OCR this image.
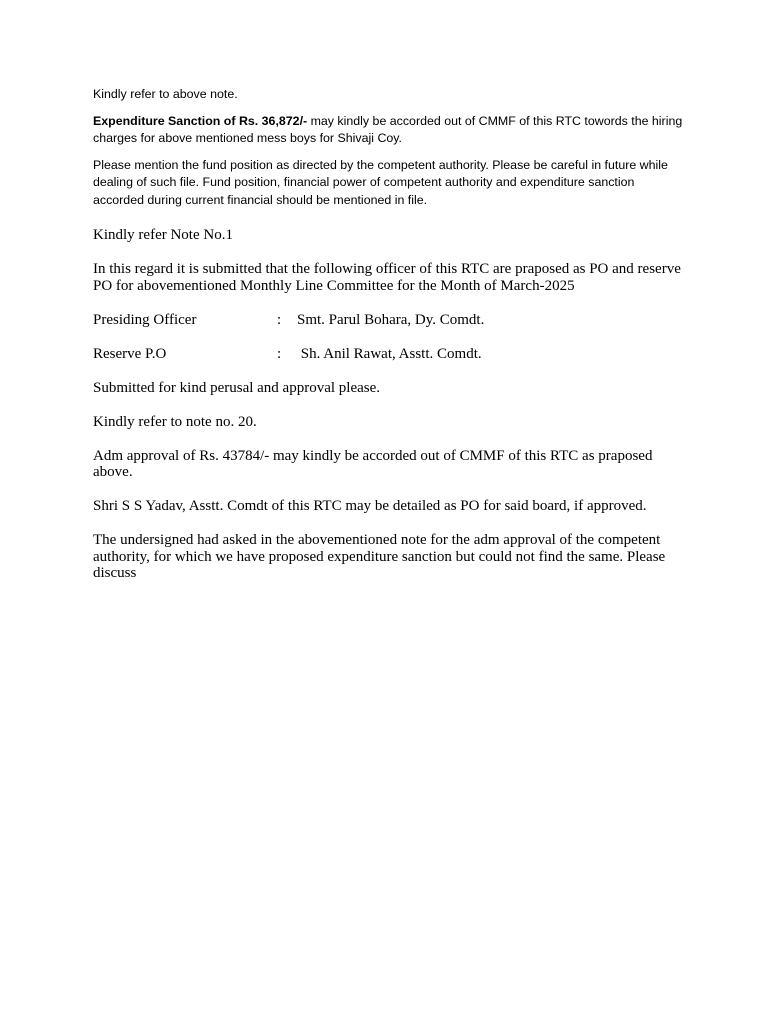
Kindly refer to above note.

Expenditure Sanction of Rs. 36,872/- may kindly be accorded out of CMMF of this RTC towords the hiring charges for above mentioned mess boys for Shivaji Coy.

Please mention the fund position as directed by the competent authority. Please be careful in future while dealing of such file. Fund position, financial power of competent authority and expenditure sanction accorded during current financial should be mentioned in file.

Kindly refer Note No.1

In this regard it is submitted that the following officer of this RTC are praposed as PO and reserve PO for abovementioned Monthly Line Committee for the Month of March-2025

Presiding Officer	:	Smt. Parul Bohara, Dy. Comdt.
Reserve P.O	:	Sh. Anil Rawat, Asstt. Comdt.

Submitted for kind perusal and approval please.

Kindly refer to note no. 20.

Adm approval of Rs. 43784/- may kindly be accorded out of CMMF of this RTC as praposed above.

Shri S S Yadav, Asstt. Comdt of this RTC may be detailed as PO for said board, if approved.

The undersigned had asked in the abovementioned note for the adm approval of the competent authority, for which we have proposed expenditure sanction but could not find the same. Please discuss
